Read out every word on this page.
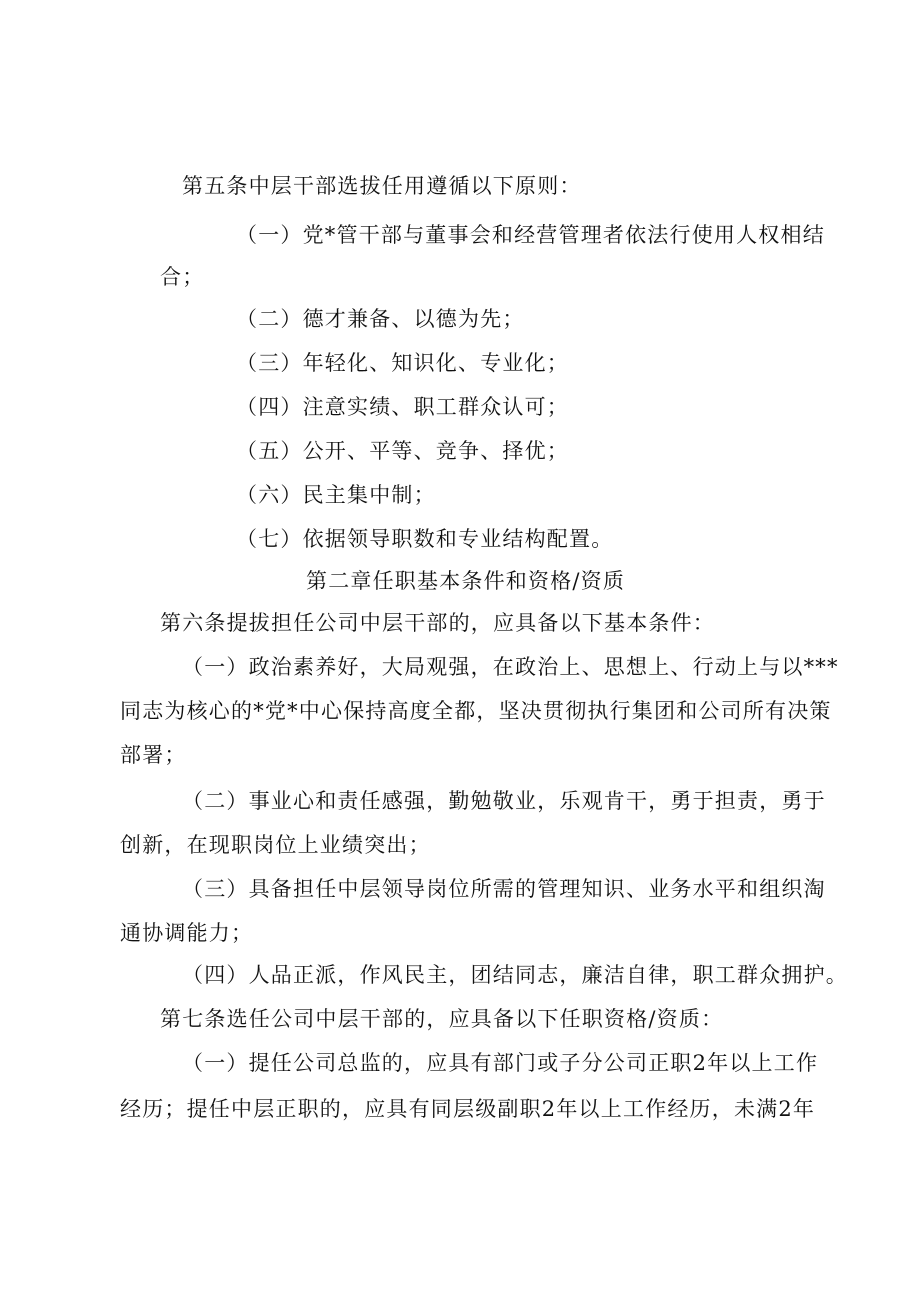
第五条中层干部选拔任用遵循以下原则：
（一）党*管干部与董事会和经营管理者依法行使用人权相结
合；
（二）德才兼备、以德为先；
（三）年轻化、知识化、专业化；
（四）注意实绩、职工群众认可；
（五）公开、平等、竞争、择优；
（六）民主集中制；
（七）依据领导职数和专业结构配置。
第二章任职基本条件和资格/资质
第六条提拔担任公司中层干部的，应具备以下基本条件：
（一）政治素养好，大局观强，在政治上、思想上、行动上与以***
同志为核心的*党*中心保持高度全都，坚决贯彻执行集团和公司所有决策
部署；
（二）事业心和责任感强，勤勉敬业，乐观肯干，勇于担责，勇于
创新，在现职岗位上业绩突出；
（三）具备担任中层领导岗位所需的管理知识、业务水平和组织淘
通协调能力；
（四）人品正派，作风民主，团结同志，廉洁自律，职工群众拥护。
第七条选任公司中层干部的，应具备以下任职资格/资质：
（一）提任公司总监的，应具有部门或子分公司正职2年以上工作
经历；提任中层正职的，应具有同层级副职2年以上工作经历，未满2年
